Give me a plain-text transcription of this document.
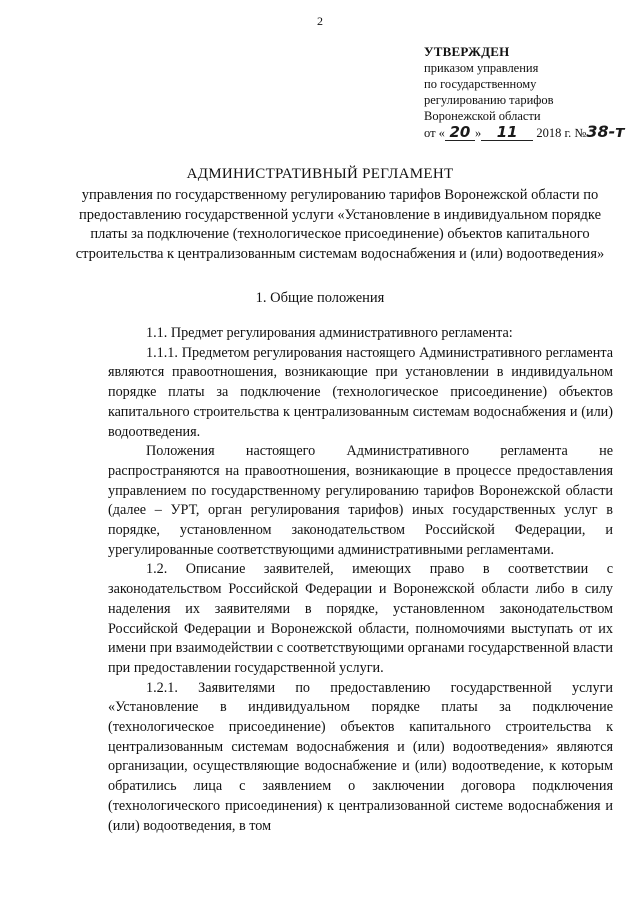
2
УТВЕРЖДЕН
приказом управления
по государственному
регулированию тарифов
Воронежской области
от « 20 » 11 2018 г. №38-т
АДМИНИСТРАТИВНЫЙ РЕГЛАМЕНТ
управления по государственному регулированию тарифов Воронежской области по предоставлению государственной услуги «Установление в индивидуальном порядке платы за подключение (технологическое присоединение) объектов капитального строительства к централизованным системам водоснабжения и (или) водоотведения»
1. Общие положения

1.1. Предмет регулирования административного регламента:

1.1.1. Предметом регулирования настоящего Административного регламента являются правоотношения, возникающие при установлении в индивидуальном порядке платы за подключение (технологическое присоединение) объектов капитального строительства к централизованным системам водоснабжения и (или) водоотведения.

Положения настоящего Административного регламента не распространяются на правоотношения, возникающие в процессе предоставления управлением по государственному регулированию тарифов Воронежской области (далее – УРТ, орган регулирования тарифов) иных государственных услуг в порядке, установленном законодательством Российской Федерации, и урегулированные соответствующими административными регламентами.

1.2. Описание заявителей, имеющих право в соответствии с законодательством Российской Федерации и Воронежской области либо в силу наделения их заявителями в порядке, установленном законодательством Российской Федерации и Воронежской области, полномочиями выступать от их имени при взаимодействии с соответствующими органами государственной власти при предоставлении государственной услуги.

1.2.1. Заявителями по предоставлению государственной услуги «Установление в индивидуальном порядке платы за подключение (технологическое присоединение) объектов капитального строительства к централизованным системам водоснабжения и (или) водоотведения» являются организации, осуществляющие водоснабжение и (или) водоотведение, к которым обратились лица с заявлением о заключении договора подключения (технологического присоединения) к централизованной системе водоснабжения и (или) водоотведения, в том
